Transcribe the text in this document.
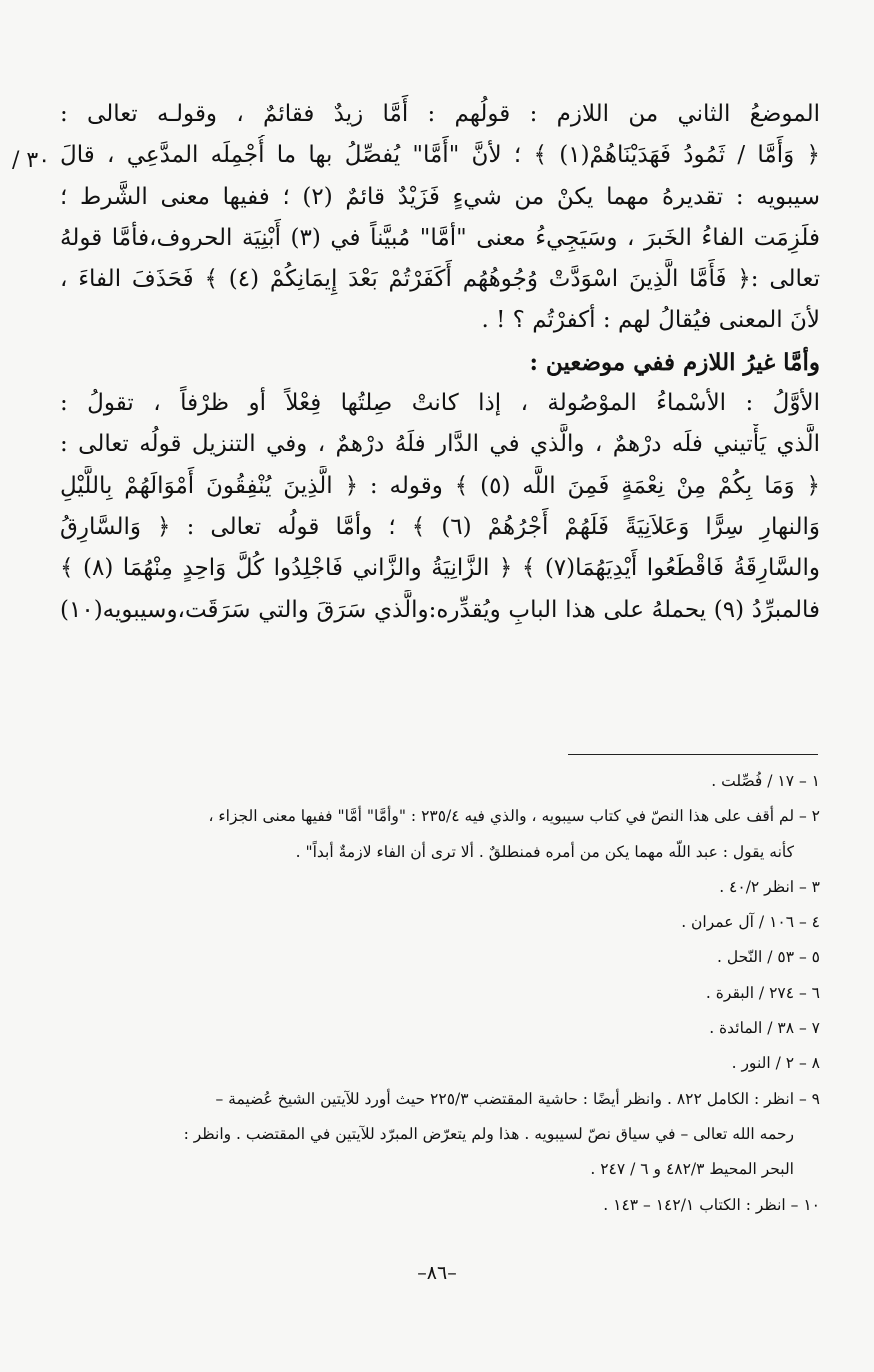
٣٠ /
الموضعُ الثاني من اللازم : قولُهم : أَمَّا زيدٌ فقائمٌ ، وقولـه تعالى :
﴿ وَأَمَّا / ثَمُودُ فَهَدَيْنَاهُمْ(١) ﴾ ؛ لأنَّ "أَمَّا" يُفصِّلُ بها ما أُجْمِلَه المدَّعِي ، قالَ
سيبويه : تقديرهُ مهما يكنْ من شيءٍ فَزَيْدٌ قائمٌ (٢) ؛ ففيها معنى الشَّرط ؛
فلَزِمَت الفاءُ الخَبرَ ، وسَيَجِيءُ معنى "أمَّا" مُبيَّناً في (٣) أَبْنِيَة الحروف،فأمَّا قولهُ
تعالى :﴿ فَأَمَّا الَّذِينَ اسْوَدَّتْ وُجُوهُهُم أَكَفَرْتُمْ بَعْدَ إِيمَانِكُمْ (٤) ﴾ فَحَذَفَ الفاءَ ،
لأنَ المعنى فيُقالُ لهم : أكفرْتُم ؟ ! .
وأمَّا غيرُ اللازم ففي موضعين :
الأوَّلُ : الأسْماءُ الموْصُولة ، إذا كانتْ صِلتُها فِعْلاً أو ظرْفاً ، تقولُ :
الَّذي يَأْتيني فلَه درْهمٌ ، والَّذي في الدَّار فلَهُ درْهمٌ ، وفي التنزيل قولُه تعالى :
﴿ وَمَا بِكُمْ مِنْ نِعْمَةٍ فَمِنَ اللَّه (٥) ﴾ وقوله : ﴿ الَّذِينَ يُنْفِقُونَ أَمْوَالَهُمْ بِاللَّيْلِ
وَالنهارِ سِرًّا وَعَلاَنِيَةً فَلَهُمْ أَجْرُهُمْ (٦) ﴾ ؛ وأمَّا قولُه تعالى : ﴿ وَالسَّارِقُ
والسَّارِقَةُ فَاقْطَعُوا أَيْدِيَهُمَا(٧) ﴾ ﴿ الزَّانِيَةُ والزَّاني فَاجْلِدُوا كُلَّ وَاحِدٍ مِنْهُمَا (٨) ﴾
فالمبرِّدُ (٩) يحملهُ على هذا البابِ ويُقدِّره:والَّذي سَرَقَ والتي سَرَقَت،وسيبويه(١٠)
١ – ١٧ / فُصِّلت .
٢ – لم أقف على هذا النصّ في كتاب سيبويه ، والذي فيه ٢٣٥/٤ : "وأمَّا" أمَّا" ففيها معنى الجزاء ،
كأنه يقول : عبد اللّه مهما يكن من أمره فمنطلقٌ . ألا ترى أن الفاء لازمةٌ أبداً" .
٣ – انظر ٤٠/٢ .
٤ – ١٠٦ / آل عمران .
٥ – ٥٣ / النّحل .
٦ – ٢٧٤ / البقرة .
٧ – ٣٨ / المائدة .
٨ – ٢ / النور .
٩ – انظر : الكامل ٨٢٢ . وانظر أيضًا : حاشية المقتضب ٢٢٥/٣ حيث أورد للآيتين الشيخ عُضيمة –
رحمه الله تعالى – في سياق نصّ لسيبويه . هذا ولم يتعرّض المبرّد للآيتين في المقتضب . وانظر :
البحر المحيط ٤٨٢/٣ و ٦ / ٢٤٧ .
١٠ – انظر : الكتاب ١٤٢/١ – ١٤٣ .
–٨٦–
